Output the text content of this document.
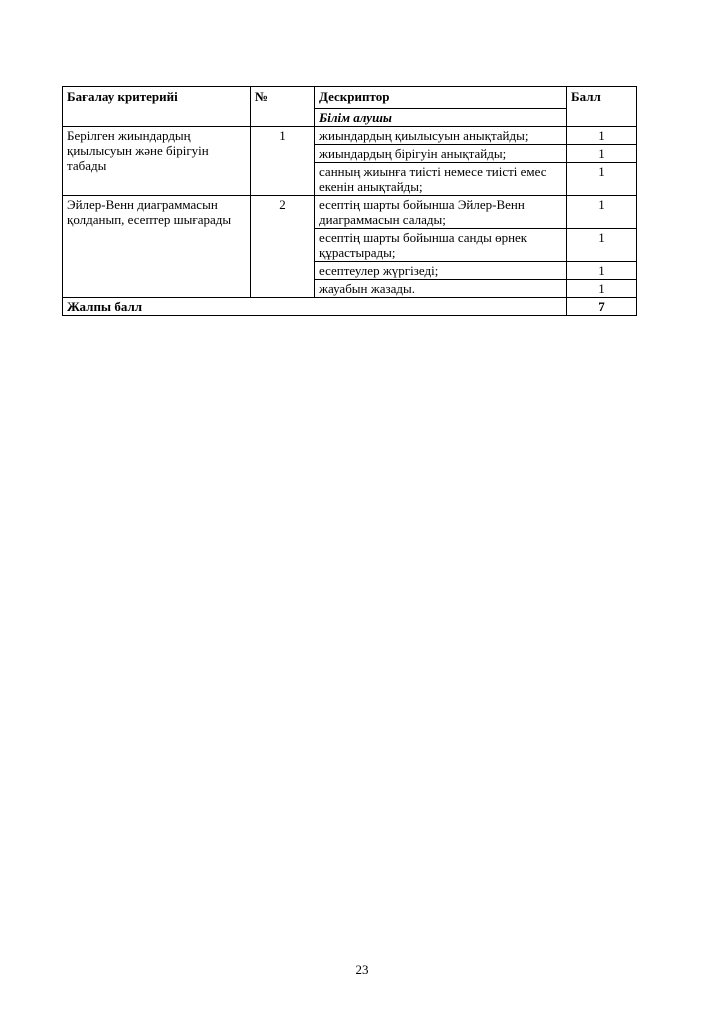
Бағалау критерийі	№	Дескриптор	Балл
		Білім алушы	
Берілген жиындардың қиылысуын және бірігуін табады	1	жиындардың қиылысуын анықтайды;	1
		жиындардың бірігуін анықтайды;	1
		санның жиынға тиісті немесе тиісті емес екенін анықтайды;	1
Эйлер-Венн диаграммасын қолданып, есептер шығарады	2	есептің шарты бойынша Эйлер-Венн диаграммасын салады;	1
		есептің шарты бойынша санды өрнек құрастырады;	1
		есептеулер жүргізеді;	1
		жауабын жазады.	1
Жалпы балл			7
23
